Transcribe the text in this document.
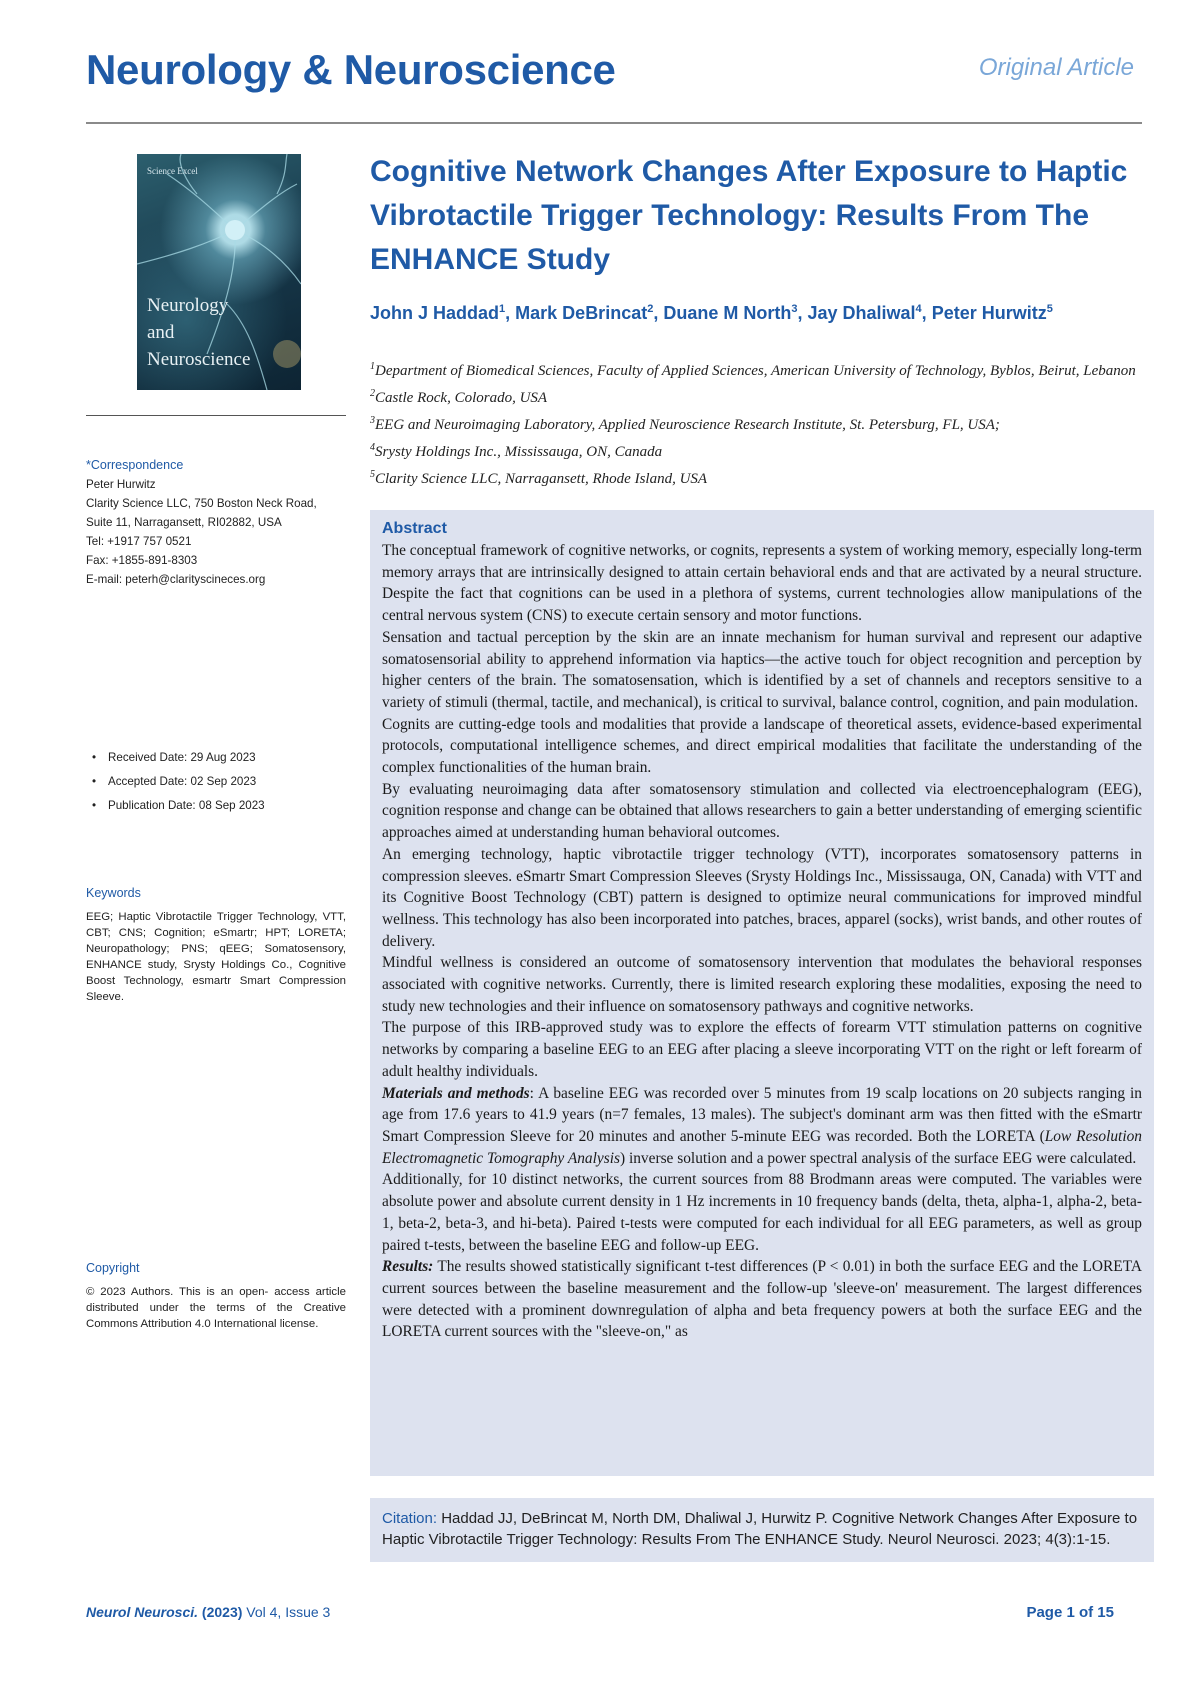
Neurology & Neuroscience	Original Article
Science Excel
Neurology
and
Neuroscience
*Correspondence
Peter Hurwitz
Clarity Science LLC, 750 Boston Neck Road,
Suite 11, Narragansett, RI02882, USA
Tel: +1917 757 0521
Fax: +1855-891-8303
E-mail: peterh@clarityscineces.org
• Received Date: 29 Aug 2023
• Accepted Date: 02 Sep 2023
• Publication Date: 08 Sep 2023
Keywords
EEG; Haptic Vibrotactile Trigger Technology, VTT, CBT; CNS; Cognition; eSmartr; HPT; LORETA; Neuropathology; PNS; qEEG; Somatosensory, ENHANCE study, Srysty Holdings Co., Cognitive Boost Technology, esmartr Smart Compression Sleeve.
Copyright
© 2023 Authors. This is an open- access article distributed under the terms of the Creative Commons Attribution 4.0 International license.
Cognitive Network Changes After Exposure to Haptic Vibrotactile Trigger Technology: Results From The ENHANCE Study
John J Haddad$^1$, Mark DeBrincat$^2$, Duane M North$^3$, Jay Dhaliwal$^4$, Peter Hurwitz$^5$
$^1$Department of Biomedical Sciences, Faculty of Applied Sciences, American University of Technology, Byblos, Beirut, Lebanon
$^2$Castle Rock, Colorado, USA
$^3$EEG and Neuroimaging Laboratory, Applied Neuroscience Research Institute, St. Petersburg, FL, USA;
$^4$Srysty Holdings Inc., Mississauga, ON, Canada
$^5$Clarity Science LLC, Narragansett, Rhode Island, USA
Abstract

The conceptual framework of cognitive networks, or cognits, represents a system of working memory, especially long-term memory arrays that are intrinsically designed to attain certain behavioral ends and that are activated by a neural structure. Despite the fact that cognitions can be used in a plethora of systems, current technologies allow manipulations of the central nervous system (CNS) to execute certain sensory and motor functions.

Sensation and tactual perception by the skin are an innate mechanism for human survival and represent our adaptive somatosensorial ability to apprehend information via haptics—the active touch for object recognition and perception by higher centers of the brain. The somatosensation, which is identified by a set of channels and receptors sensitive to a variety of stimuli (thermal, tactile, and mechanical), is critical to survival, balance control, cognition, and pain modulation.

Cognits are cutting-edge tools and modalities that provide a landscape of theoretical assets, evidence-based experimental protocols, computational intelligence schemes, and direct empirical modalities that facilitate the understanding of the complex functionalities of the human brain.

By evaluating neuroimaging data after somatosensory stimulation and collected via electroencephalogram (EEG), cognition response and change can be obtained that allows researchers to gain a better understanding of emerging scientific approaches aimed at understanding human behavioral outcomes.

An emerging technology, haptic vibrotactile trigger technology (VTT), incorporates somatosensory patterns in compression sleeves. eSmartr Smart Compression Sleeves (Srysty Holdings Inc., Mississauga, ON, Canada) with VTT and its Cognitive Boost Technology (CBT) pattern is designed to optimize neural communications for improved mindful wellness. This technology has also been incorporated into patches, braces, apparel (socks), wrist bands, and other routes of delivery.

Mindful wellness is considered an outcome of somatosensory intervention that modulates the behavioral responses associated with cognitive networks. Currently, there is limited research exploring these modalities, exposing the need to study new technologies and their influence on somatosensory pathways and cognitive networks.

The purpose of this IRB-approved study was to explore the effects of forearm VTT stimulation patterns on cognitive networks by comparing a baseline EEG to an EEG after placing a sleeve incorporating VTT on the right or left forearm of adult healthy individuals.

Materials and methods: A baseline EEG was recorded over 5 minutes from 19 scalp locations on 20 subjects ranging in age from 17.6 years to 41.9 years (n=7 females, 13 males). The subject's dominant arm was then fitted with the eSmartr Smart Compression Sleeve for 20 minutes and another 5-minute EEG was recorded. Both the LORETA (Low Resolution Electromagnetic Tomography Analysis) inverse solution and a power spectral analysis of the surface EEG were calculated.

Additionally, for 10 distinct networks, the current sources from 88 Brodmann areas were computed. The variables were absolute power and absolute current density in 1 Hz increments in 10 frequency bands (delta, theta, alpha-1, alpha-2, beta-1, beta-2, beta-3, and hi-beta). Paired t-tests were computed for each individual for all EEG parameters, as well as group paired t-tests, between the baseline EEG and follow-up EEG.

Results: The results showed statistically significant t-test differences (P < 0.01) in both the surface EEG and the LORETA current sources between the baseline measurement and the follow-up 'sleeve-on' measurement. The largest differences were detected with a prominent downregulation of alpha and beta frequency powers at both the surface EEG and the LORETA current sources with the "sleeve-on," as

Citation: Haddad JJ, DeBrincat M, North DM, Dhaliwal J, Hurwitz P. Cognitive Network Changes After Exposure to Haptic Vibrotactile Trigger Technology: Results From The ENHANCE Study. Neurol Neurosci. 2023; 4(3):1-15.
Neurol Neurosci. (2023) Vol 4, Issue 3	Page 1 of 15
